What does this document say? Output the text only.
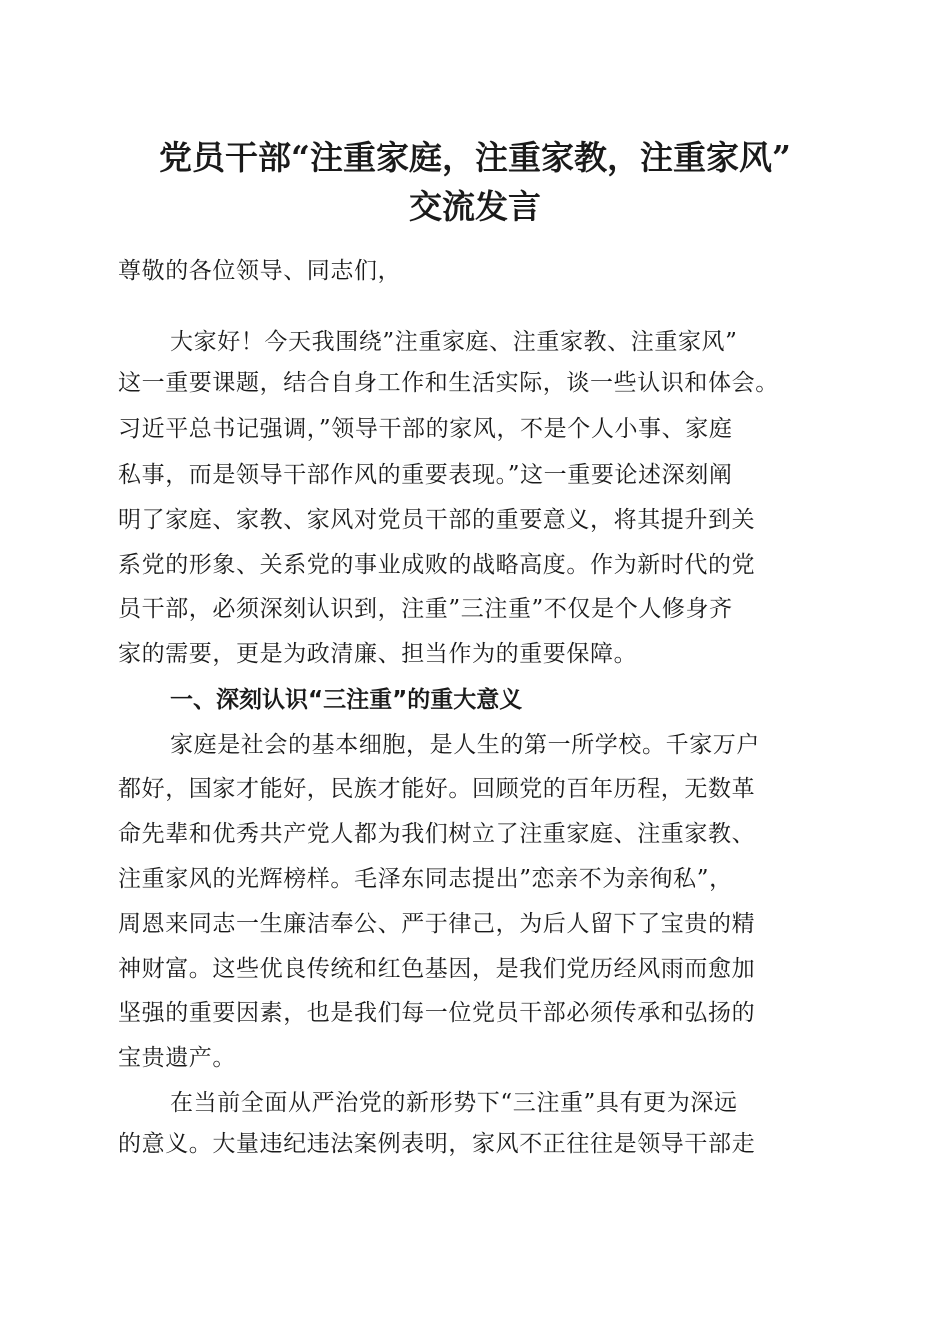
党员干部“注重家庭，注重家教，注重家风”
交流发言
尊敬的各位领导、同志们，
大家好！今天我围绕”注重家庭、注重家教、注重家风”
这一重要课题，结合自身工作和生活实际，谈一些认识和体会。
习近平总书记强调，”领导干部的家风，不是个人小事、家庭
私事，而是领导干部作风的重要表现。”这一重要论述深刻阐
明了家庭、家教、家风对党员干部的重要意义，将其提升到关
系党的形象、关系党的事业成败的战略高度。作为新时代的党
员干部，必须深刻认识到，注重”三注重”不仅是个人修身齐
家的需要，更是为政清廉、担当作为的重要保障。
一、深刻认识“三注重”的重大意义
家庭是社会的基本细胞，是人生的第一所学校。千家万户
都好，国家才能好，民族才能好。回顾党的百年历程，无数革
命先辈和优秀共产党人都为我们树立了注重家庭、注重家教、
注重家风的光辉榜样。毛泽东同志提出”恋亲不为亲徇私”，
周恩来同志一生廉洁奉公、严于律己，为后人留下了宝贵的精
神财富。这些优良传统和红色基因，是我们党历经风雨而愈加
坚强的重要因素，也是我们每一位党员干部必须传承和弘扬的
宝贵遗产。
在当前全面从严治党的新形势下“三注重”具有更为深远
的意义。大量违纪违法案例表明，家风不正往往是领导干部走
